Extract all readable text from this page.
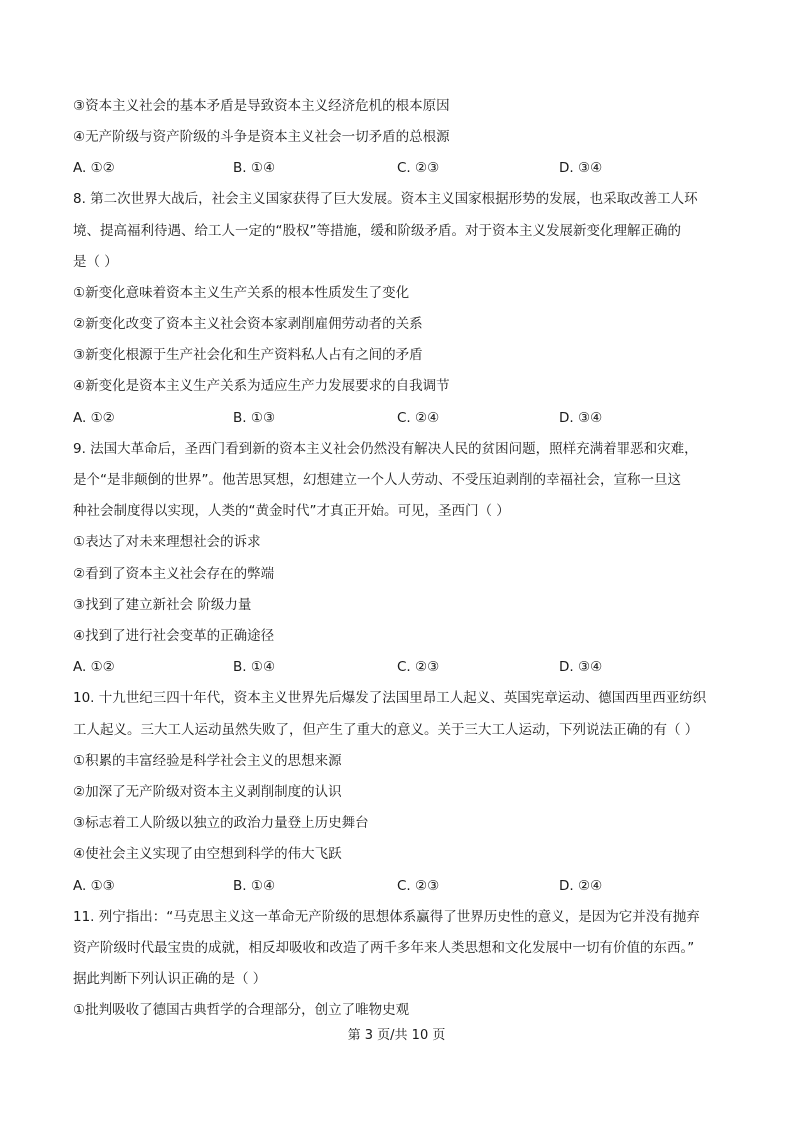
③资本主义社会的基本矛盾是导致资本主义经济危机的根本原因
④无产阶级与资产阶级的斗争是资本主义社会一切矛盾的总根源
A. ①②	B. ①④	C. ②③	D. ③④
8. 第二次世界大战后，社会主义国家获得了巨大发展。资本主义国家根据形势的发展，也采取改善工人环
境、提高福利待遇、给工人一定的“股权”等措施，缓和阶级矛盾。对于资本主义发展新变化理解正确的
是（ ）
①新变化意味着资本主义生产关系的根本性质发生了变化
②新变化改变了资本主义社会资本家剥削雇佣劳动者的关系
③新变化根源于生产社会化和生产资料私人占有之间的矛盾
④新变化是资本主义生产关系为适应生产力发展要求的自我调节
A. ①②	B. ①③	C. ②④	D. ③④
9. 法国大革命后，圣西门看到新的资本主义社会仍然没有解决人民的贫困问题，照样充满着罪恶和灾难，
是个“是非颠倒的世界”。他苦思冥想，幻想建立一个人人劳动、不受压迫剥削的幸福社会，宣称一旦这
种社会制度得以实现，人类的“黄金时代”才真正开始。可见，圣西门（ ）
①表达了对未来理想社会的诉求
②看到了资本主义社会存在的弊端
③找到了建立新社会 阶级力量
④找到了进行社会变革的正确途径
A. ①②	B. ①④	C. ②③	D. ③④
10. 十九世纪三四十年代，资本主义世界先后爆发了法国里昂工人起义、英国宪章运动、德国西里西亚纺织
工人起义。三大工人运动虽然失败了，但产生了重大的意义。关于三大工人运动，下列说法正确的有（ ）
①积累的丰富经验是科学社会主义的思想来源
②加深了无产阶级对资本主义剥削制度的认识
③标志着工人阶级以独立的政治力量登上历史舞台
④使社会主义实现了由空想到科学的伟大飞跃
A. ①③	B. ①④	C. ②③	D. ②④
11. 列宁指出：“马克思主义这一革命无产阶级的思想体系赢得了世界历史性的意义，是因为它并没有抛弃
资产阶级时代最宝贵的成就，相反却吸收和改造了两千多年来人类思想和文化发展中一切有价值的东西。”
据此判断下列认识正确的是（ ）
①批判吸收了德国古典哲学的合理部分，创立了唯物史观
第 3 页/共 10 页
